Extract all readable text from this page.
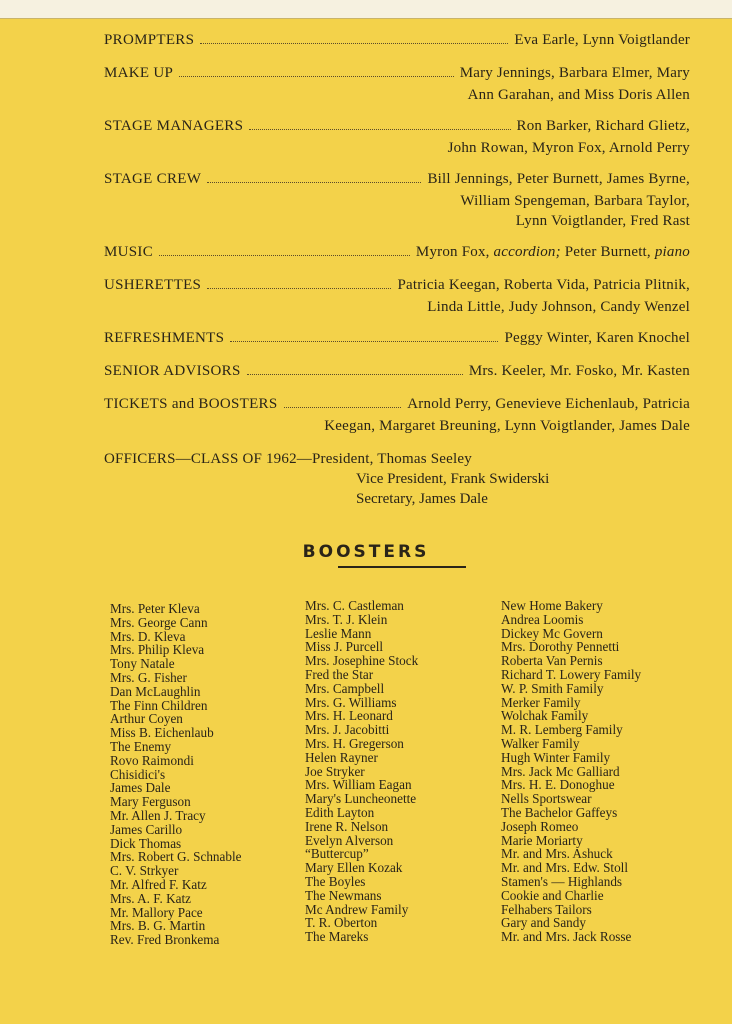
PROMPTERS	Eva Earle, Lynn Voigtlander
MAKE UP	Mary Jennings, Barbara Elmer, Mary
Ann Garahan, and Miss Doris Allen
STAGE MANAGERS	Ron Barker, Richard Glietz,
John Rowan, Myron Fox, Arnold Perry
STAGE CREW	Bill Jennings, Peter Burnett, James Byrne,
William Spengeman, Barbara Taylor,
Lynn Voigtlander, Fred Rast
MUSIC	Myron Fox, accordion; Peter Burnett, piano
USHERETTES	Patricia Keegan, Roberta Vida, Patricia Plitnik,
Linda Little, Judy Johnson, Candy Wenzel
REFRESHMENTS	Peggy Winter, Karen Knochel
SENIOR ADVISORS	Mrs. Keeler, Mr. Fosko, Mr. Kasten
TICKETS and BOOSTERS	Arnold Perry, Genevieve Eichenlaub, Patricia
Keegan, Margaret Breuning, Lynn Voigtlander, James Dale
OFFICERS—CLASS OF 1962—President, Thomas Seeley
Vice President, Frank Swiderski
Secretary, James Dale
BOOSTERS
Mrs. Peter Kleva
Mrs. George Cann
Mrs. D. Kleva
Mrs. Philip Kleva
Tony Natale
Mrs. G. Fisher
Dan McLaughlin
The Finn Children
Arthur Coyen
Miss B. Eichenlaub
The Enemy
Rovo Raimondi
Chisidici's
James Dale
Mary Ferguson
Mr. Allen J. Tracy
James Carillo
Dick Thomas
Mrs. Robert G. Schnable
C. V. Strkyer
Mr. Alfred F. Katz
Mrs. A. F. Katz
Mr. Mallory Pace
Mrs. B. G. Martin
Rev. Fred Bronkema
Mrs. C. Castleman
Mrs. T. J. Klein
Leslie Mann
Miss J. Purcell
Mrs. Josephine Stock
Fred the Star
Mrs. Campbell
Mrs. G. Williams
Mrs. H. Leonard
Mrs. J. Jacobitti
Mrs. H. Gregerson
Helen Rayner
Joe Stryker
Mrs. William Eagan
Mary's Luncheonette
Edith Layton
Irene R. Nelson
Evelyn Alverson
“Buttercup”
Mary Ellen Kozak
The Boyles
The Newmans
Mc Andrew Family
T. R. Oberton
The Mareks
New Home Bakery
Andrea Loomis
Dickey Mc Govern
Mrs. Dorothy Pennetti
Roberta Van Pernis
Richard T. Lowery Family
W. P. Smith Family
Merker Family
Wolchak Family
M. R. Lemberg Family
Walker Family
Hugh Winter Family
Mrs. Jack Mc Galliard
Mrs. H. E. Donoghue
Nells Sportswear
The Bachelor Gaffeys
Joseph Romeo
Marie Moriarty
Mr. and Mrs. Ashuck
Mr. and Mrs. Edw. Stoll
Stamen's — Highlands
Cookie and Charlie
Felhabers Tailors
Gary and Sandy
Mr. and Mrs. Jack Rosse
